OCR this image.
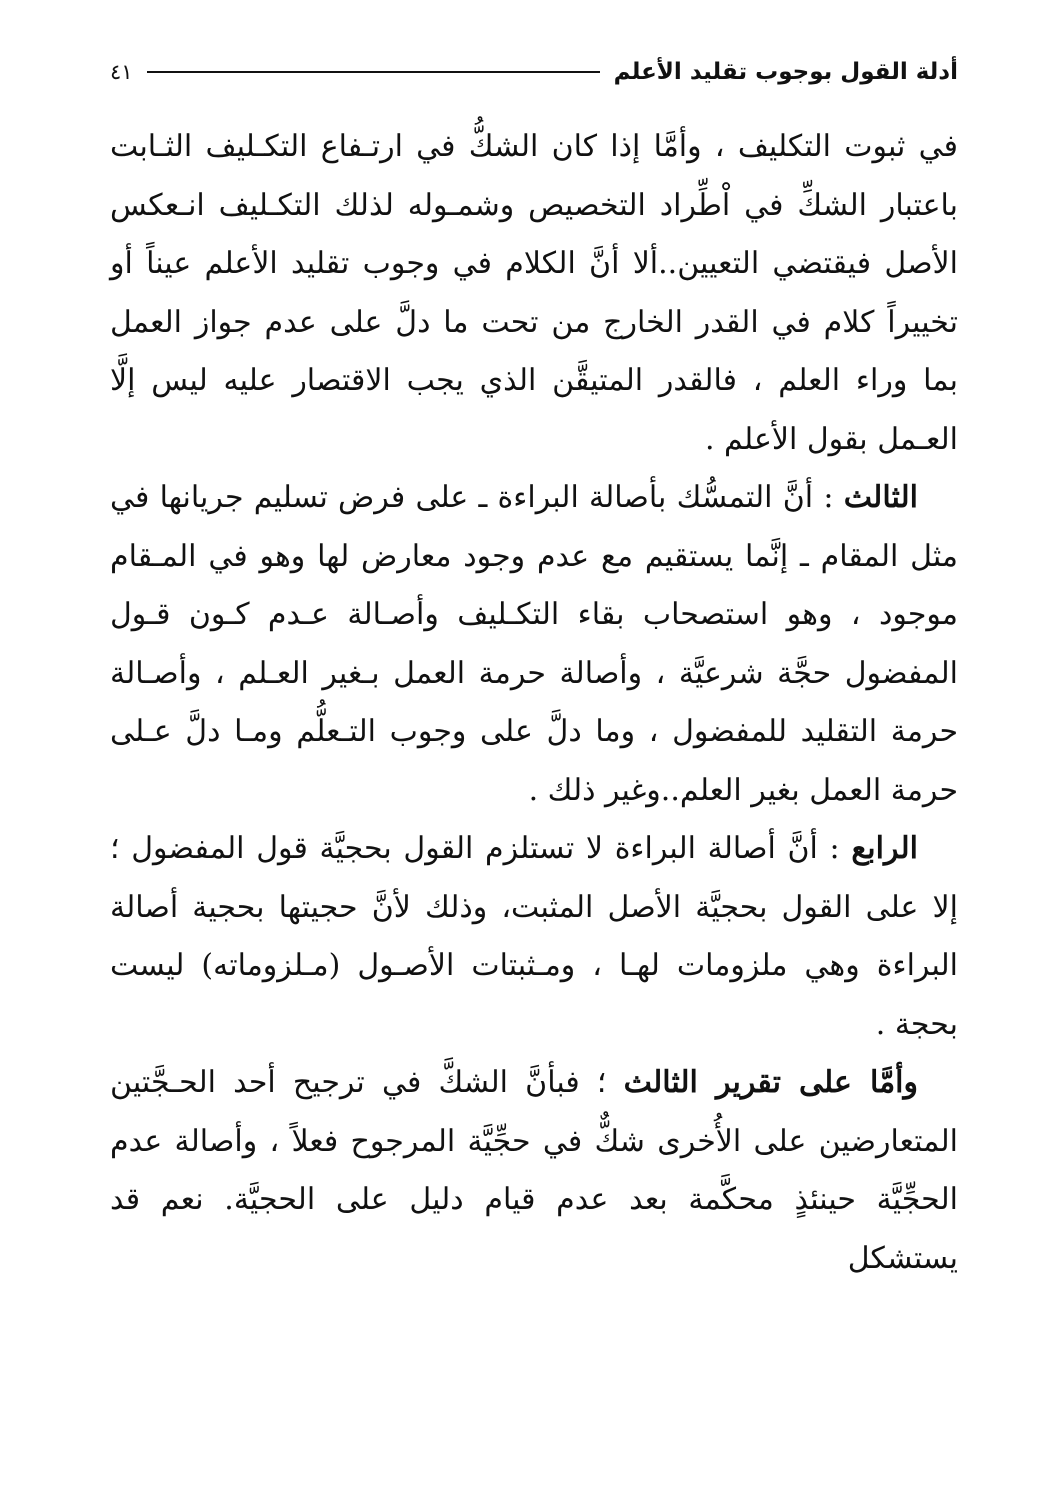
أدلة القول بوجوب تقليد الأعلم
٤١

في ثبوت التكليف ، وأمَّا إذا كان الشكُّ في ارتـفاع التكـليف الثـابت باعتبار الشكِّ في اْطِّراد التخصيص وشمـوله لذلك التكـليف انـعكس الأصل فيقتضي التعيين..ألا أنَّ الكلام في وجوب تقليد الأعلم عيناً أو تخييراً كلام في القدر الخارج من تحت ما دلَّ على عدم جواز العمل بما وراء العلم ، فالقدر المتيقَّن الذي يجب الاقتصار عليه ليس إلَّا العـمل بقول الأعلم .

الثالث : أنَّ التمسُّك بأصالة البراءة ـ على فرض تسليم جريانها في مثل المقام ـ إنَّما يستقيم مع عدم وجود معارض لها وهو في المـقام موجود ، وهو استصحاب بقاء التكـليف وأصـالة عـدم كـون قـول المفضول حجَّة شرعيَّة ، وأصالة حرمة العمل بـغير العـلم ، وأصـالة حرمة التقليد للمفضول ، وما دلَّ على وجوب التـعلُّم ومـا دلَّ عـلى حرمة العمل بغير العلم..وغير ذلك .

الرابع : أنَّ أصالة البراءة لا تستلزم القول بحجيَّة قول المفضول ؛ إلا على القول بحجيَّة الأصل المثبت، وذلك لأنَّ حجيتها بحجية أصالة البراءة وهي ملزومات لهـا ، ومـثبتات الأصـول (مـلزوماته) ليست بحجة .

وأمَّا على تقرير الثالث ؛ فبأنَّ الشكَّ في ترجيح أحد الحـجَّتين المتعارضين على الأُخرى شكٌّ في حجِّيَّة المرجوح فعلاً ، وأصالة عدم الحجِّيَّة حينئذٍ محكَّمة بعد عدم قيام دليل على الحجيَّة. نعم قد يستشكل
